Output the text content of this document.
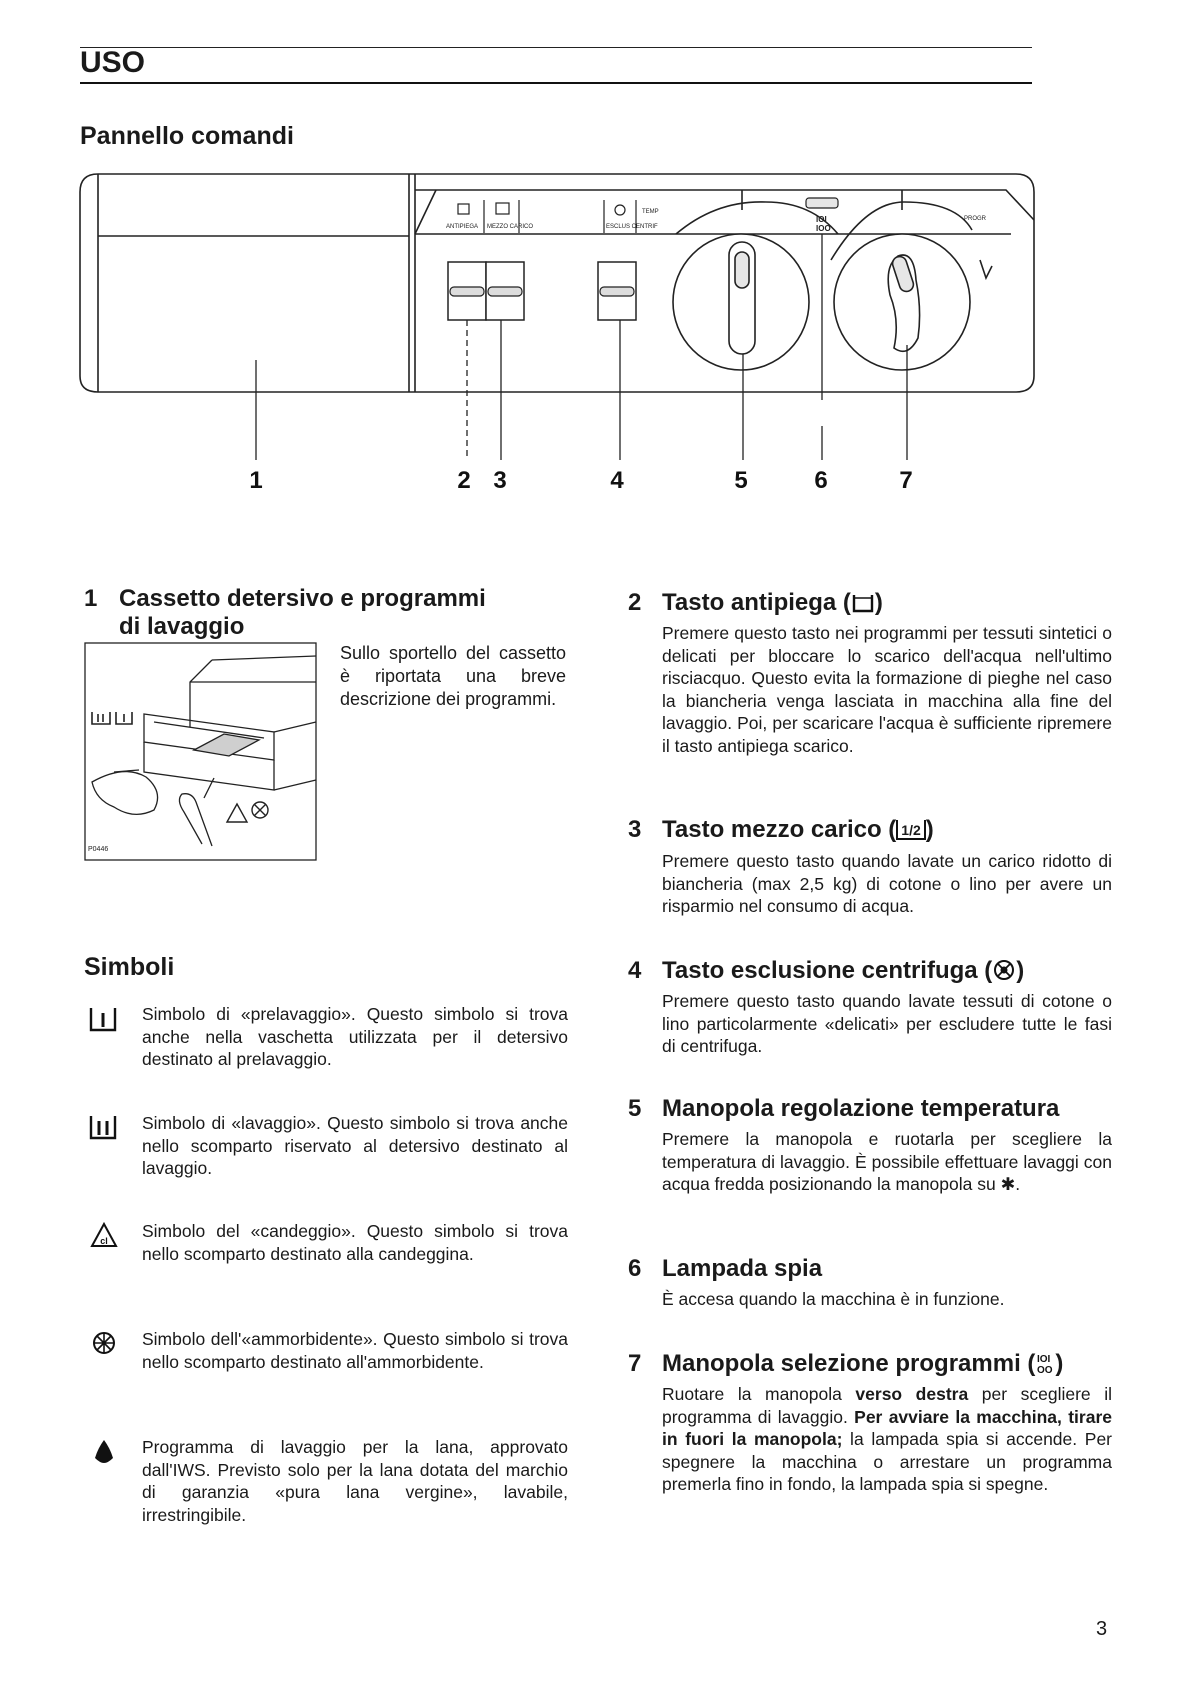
USO
Pannello comandi
ANTIPIEGA MEZZO CARICO	ESCLUS CENTRIF
TEMP
PROGR
IOI
IOO
1	2 3	4	5	6	7
1 Cassetto detersivo e programmi
di lavaggio
P0446
Sullo sportello del cassetto è riportata una breve descrizione dei programmi.
Simboli
Simbolo di «prelavaggio». Questo simbolo si trova anche nella vaschetta utilizzata per il detersivo destinato al prelavaggio.
Simbolo di «lavaggio». Questo simbolo si trova anche nello scomparto riservato al detersivo destinato al lavaggio.
cl Simbolo del «candeggio». Questo simbolo si trova nello scomparto destinato alla candeggina.
Simbolo dell'«ammorbidente». Questo simbolo si trova nello scomparto destinato all'ammorbidente.
Programma di lavaggio per la lana, approvato dall'IWS. Previsto solo per la lana dotata del marchio di garanzia «pura lana vergine», lavabile, irrestringibile.
2 Tasto antipiega ( )
Premere questo tasto nei programmi per tessuti sintetici o delicati per bloccare lo scarico dell'acqua nell'ultimo risciacquo. Questo evita la formazione di pieghe nel caso la biancheria venga lasciata in macchina alla fine del lavaggio. Poi, per scaricare l'acqua è sufficiente ripremere il tasto antipiega scarico.
3 Tasto mezzo carico ( 1/2 )
Premere questo tasto quando lavate un carico ridotto di biancheria (max 2,5 kg) di cotone o lino per avere un risparmio nel consumo di acqua.
4 Tasto esclusione centrifuga ( )
Premere questo tasto quando lavate tessuti di cotone o lino particolarmente «delicati» per escludere tutte le fasi di centrifuga.
5 Manopola regolazione temperatura
Premere la manopola e ruotarla per scegliere la temperatura di lavaggio. È possibile effettuare lavaggi con acqua fredda posizionando la manopola su ✱.
6 Lampada spia
È accesa quando la macchina è in funzione.
7 Manopola selezione programmi ( IOI
OO )
Ruotare la manopola verso destra per scegliere il programma di lavaggio. Per avviare la macchina, tirare in fuori la manopola; la lampada spia si accende. Per spegnere la macchina o arrestare un programma premerla fino in fondo, la lampada spia si spegne.
3
